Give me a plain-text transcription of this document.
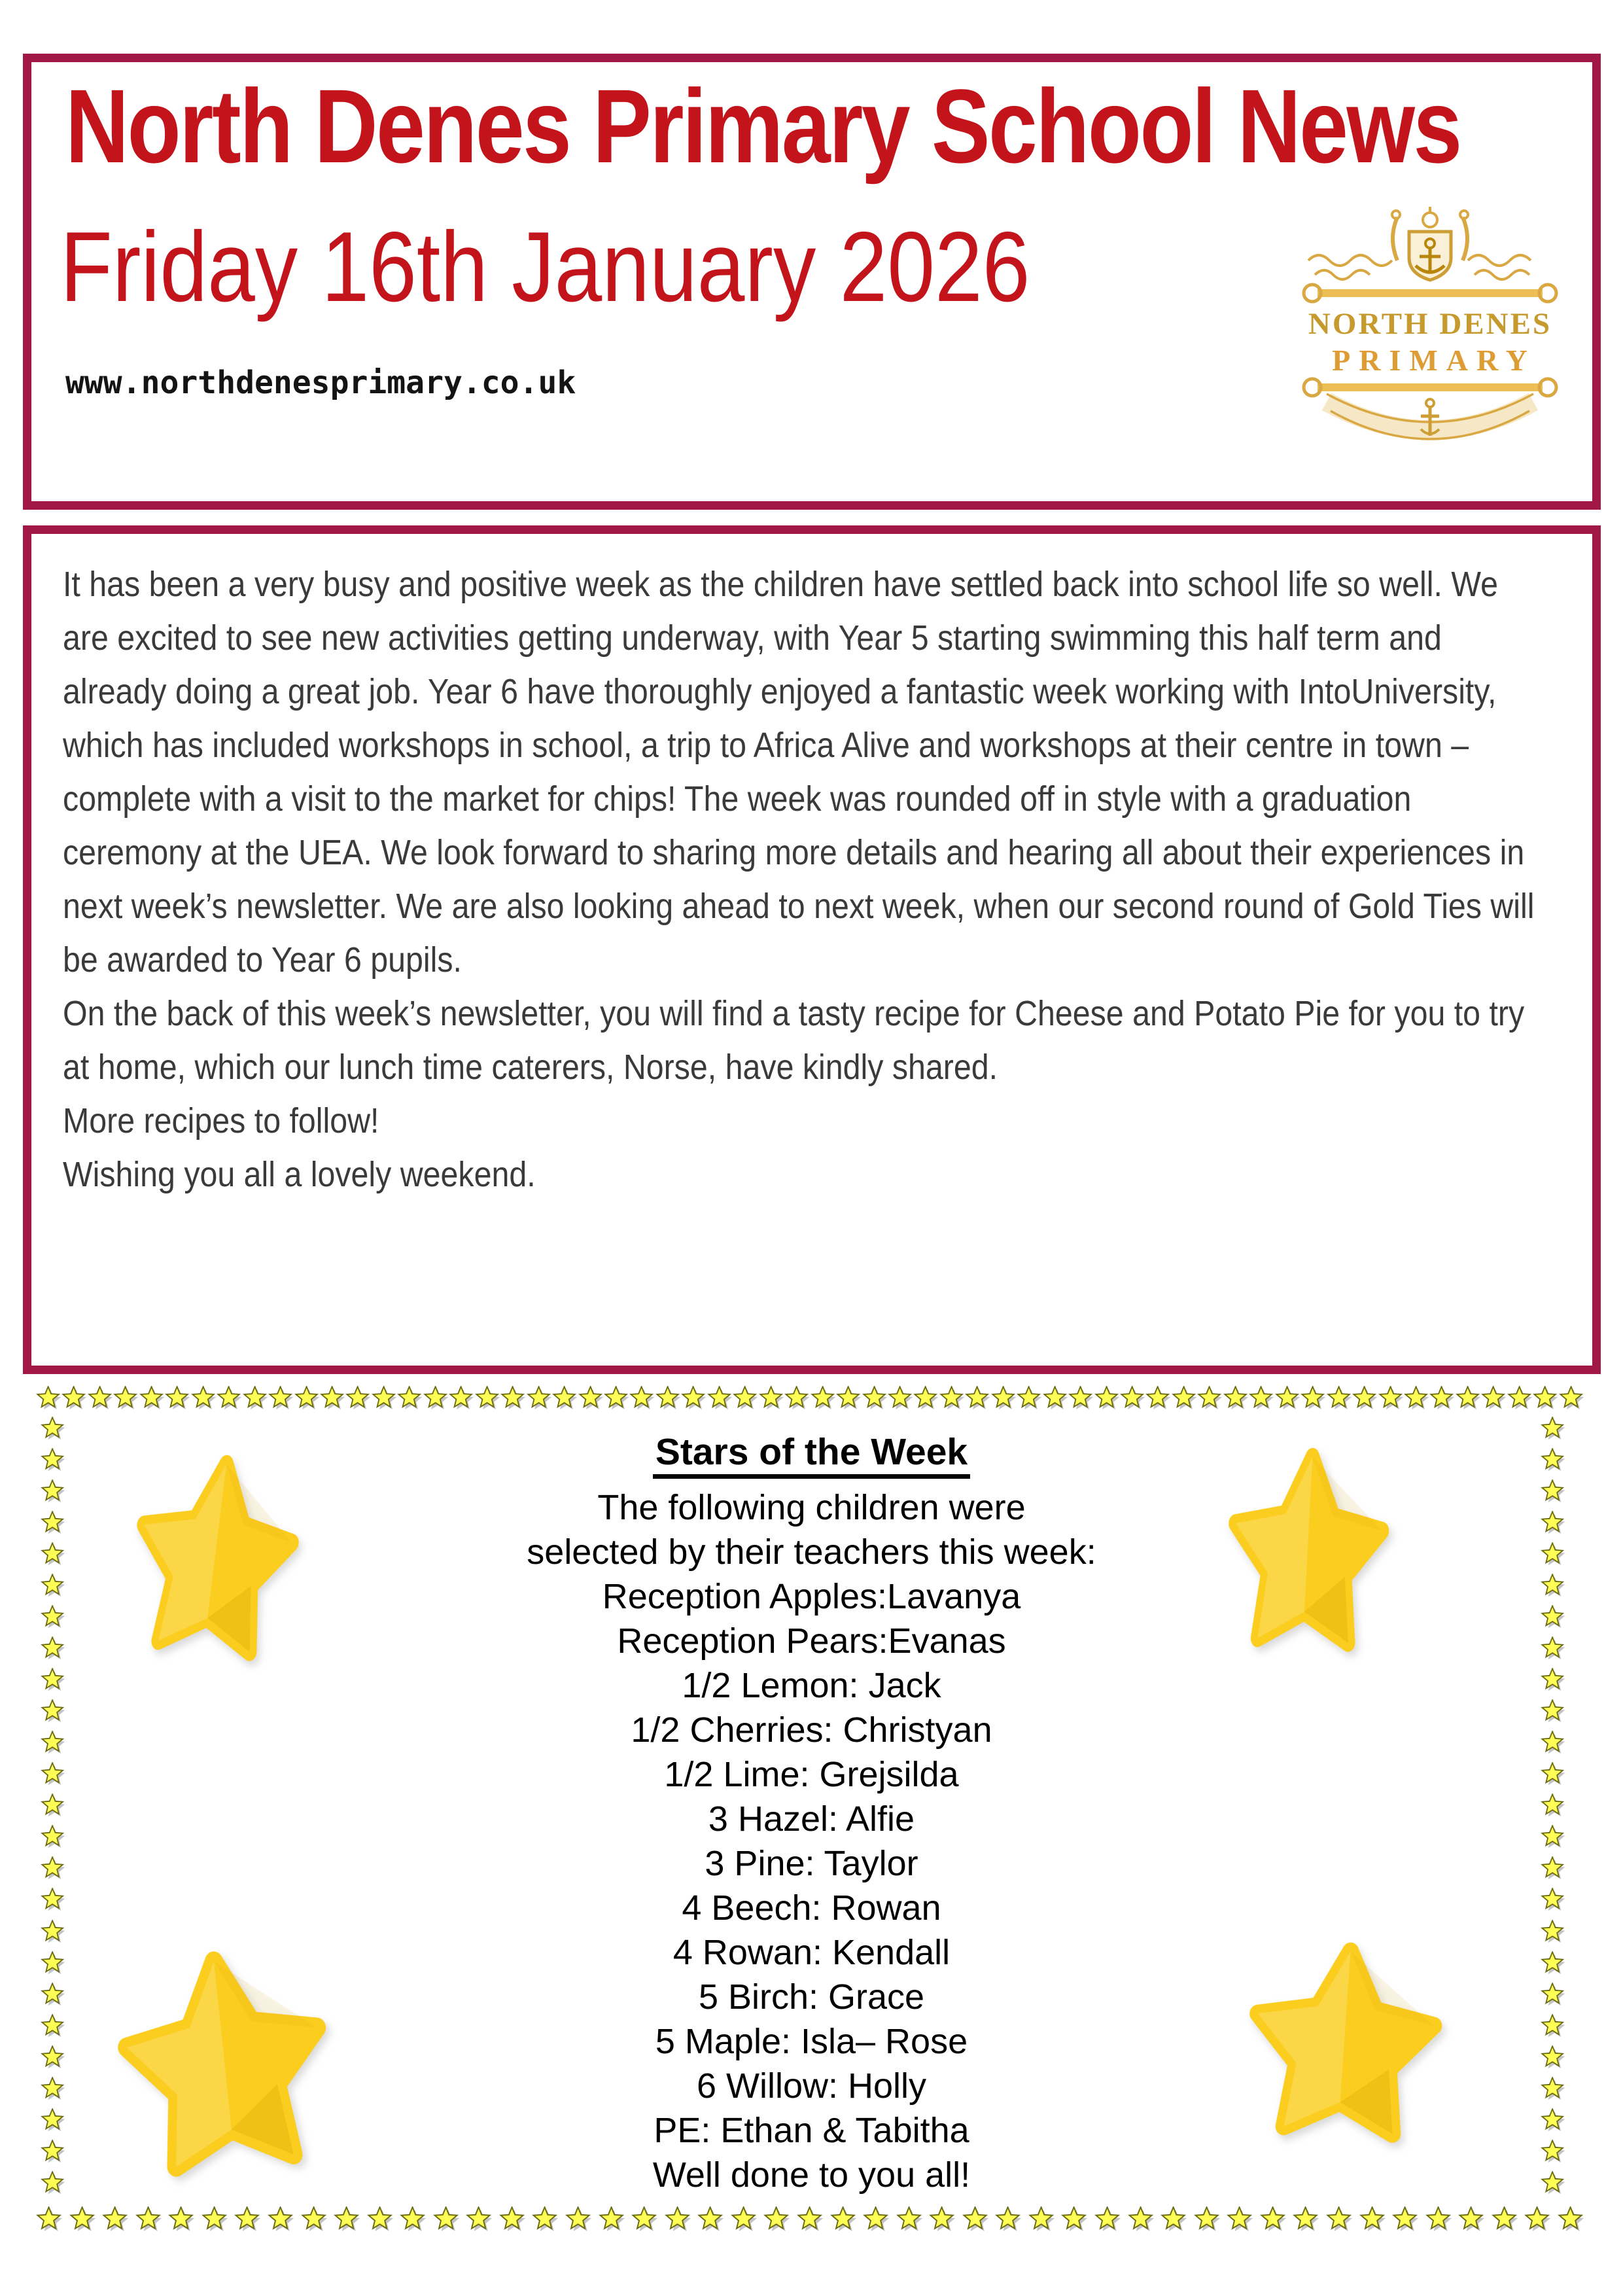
North Denes Primary School News
Friday 16th January 2026
www.northdenesprimary.co.uk
NORTH DENES
PRIMARY

It has been a very busy and positive week as the children have settled back into school life so well. We are excited to see new activities getting underway, with Year 5 starting swimming this half term and already doing a great job. Year 6 have thoroughly enjoyed a fantastic week working with IntoUniversity, which has included workshops in school, a trip to Africa Alive and workshops at their centre in town – complete with a visit to the market for chips! The week was rounded off in style with a graduation ceremony at the UEA. We look forward to sharing more details and hearing all about their experiences in next week’s newsletter. We are also looking ahead to next week, when our second round of Gold Ties will be awarded to Year 6 pupils.

On the back of this week’s newsletter, you will find a tasty recipe for Cheese and Potato Pie for you to try at home, which our lunch time caterers, Norse, have kindly shared.

More recipes to follow!

Wishing you all a lovely weekend.

Stars of the Week
The following children were
selected by their teachers this week:
Reception Apples:Lavanya
Reception Pears:Evanas
1/2 Lemon: Jack
1/2 Cherries: Christyan
1/2 Lime: Grejsilda
3 Hazel: Alfie
3 Pine: Taylor
4 Beech: Rowan
4 Rowan: Kendall
5 Birch: Grace
5 Maple: Isla– Rose
6 Willow: Holly
PE: Ethan & Tabitha
Well done to you all!
